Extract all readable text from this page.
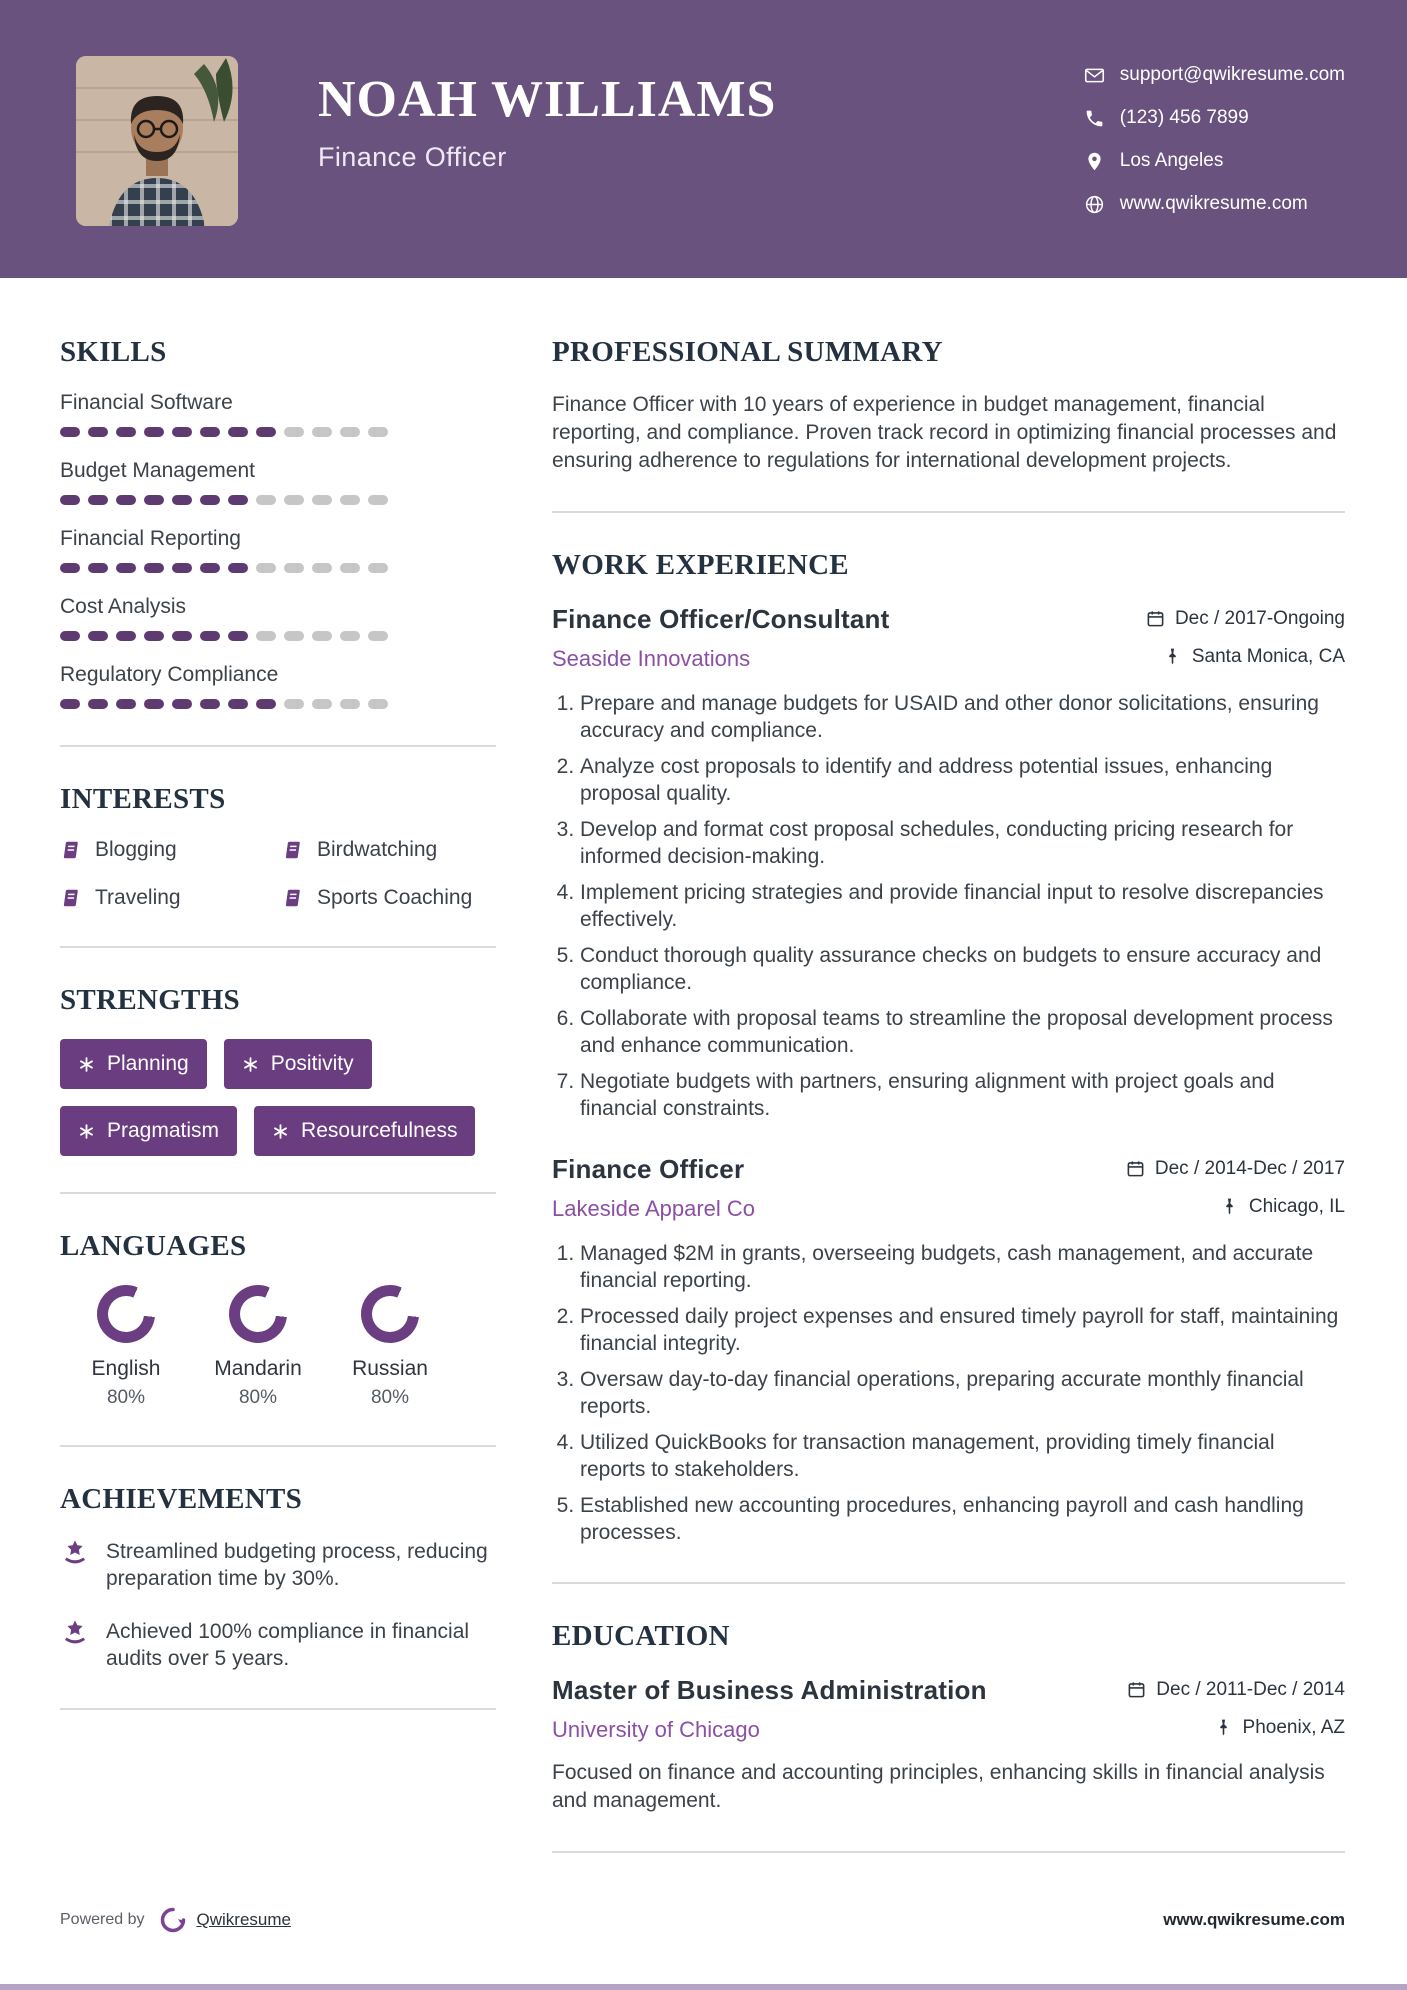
NOAH WILLIAMS
Finance Officer
support@qwikresume.com
(123) 456 7899
Los Angeles
www.qwikresume.com
SKILLS
Financial Software
Budget Management
Financial Reporting
Cost Analysis
Regulatory Compliance
INTERESTS
Blogging	Birdwatching
Traveling	Sports Coaching
STRENGTHS
Planning	Positivity
Pragmatism	Resourcefulness
LANGUAGES
English
80%
Mandarin
80%
Russian
80%
ACHIEVEMENTS
Streamlined budgeting process, reducing preparation time by 30%.
Achieved 100% compliance in financial audits over 5 years.
PROFESSIONAL SUMMARY

Finance Officer with 10 years of experience in budget management, financial reporting, and compliance. Proven track record in optimizing financial processes and ensuring adherence to regulations for international development projects.

WORK EXPERIENCE
Finance Officer/Consultant	Dec / 2017-Ongoing
Seaside Innovations	Santa Monica, CA
1. Prepare and manage budgets for USAID and other donor solicitations, ensuring accuracy and compliance.
2. Analyze cost proposals to identify and address potential issues, enhancing proposal quality.
3. Develop and format cost proposal schedules, conducting pricing research for informed decision-making.
4. Implement pricing strategies and provide financial input to resolve discrepancies effectively.
5. Conduct thorough quality assurance checks on budgets to ensure accuracy and compliance.
6. Collaborate with proposal teams to streamline the proposal development process and enhance communication.
7. Negotiate budgets with partners, ensuring alignment with project goals and financial constraints.
Finance Officer	Dec / 2014-Dec / 2017
Lakeside Apparel Co	Chicago, IL
1. Managed $2M in grants, overseeing budgets, cash management, and accurate financial reporting.
2. Processed daily project expenses and ensured timely payroll for staff, maintaining financial integrity.
3. Oversaw day-to-day financial operations, preparing accurate monthly financial reports.
4. Utilized QuickBooks for transaction management, providing timely financial reports to stakeholders.
5. Established new accounting procedures, enhancing payroll and cash handling processes.
EDUCATION
Master of Business Administration	Dec / 2011-Dec / 2014
University of Chicago	Phoenix, AZ

Focused on finance and accounting principles, enhancing skills in financial analysis and management.

Powered by	Qwikresume	www.qwikresume.com
